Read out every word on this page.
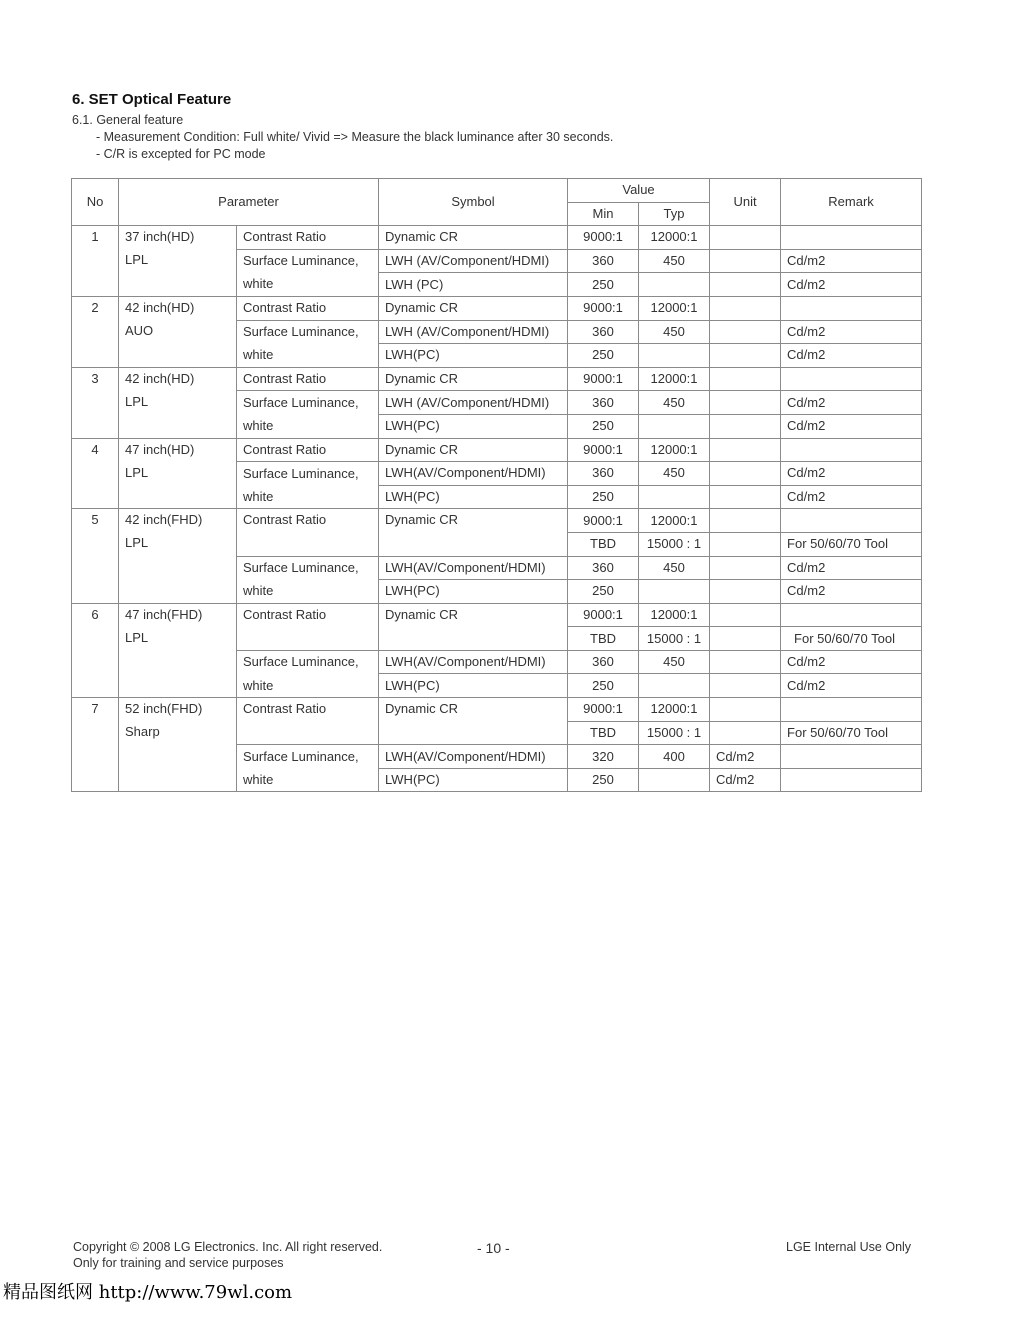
6. SET Optical Feature
6.1. General feature
- Measurement Condition: Full white/ Vivid => Measure the black luminance after 30 seconds.
- C/R is excepted for PC mode
No	Parameter		Symbol	Value		Unit	Remark
				Min	Typ		
1	37 inch(HD)	Contrast Ratio	Dynamic CR	9000:1	12000:1		
	LPL	Surface Luminance,	LWH (AV/Component/HDMI)	360	450		Cd/m2
		white	LWH (PC)	250			Cd/m2
2	42 inch(HD)	Contrast Ratio	Dynamic CR	9000:1	12000:1		
	AUO	Surface Luminance,	LWH (AV/Component/HDMI)	360	450		Cd/m2
		white	LWH(PC)	250			Cd/m2
3	42 inch(HD)	Contrast Ratio	Dynamic CR	9000:1	12000:1		
	LPL	Surface Luminance,	LWH (AV/Component/HDMI)	360	450		Cd/m2
		white	LWH(PC)	250			Cd/m2
4	47 inch(HD)	Contrast Ratio	Dynamic CR	9000:1	12000:1		
	LPL	Surface Luminance,	LWH(AV/Component/HDMI)	360	450		Cd/m2
		white	LWH(PC)	250			Cd/m2
5	42 inch(FHD)	Contrast Ratio	Dynamic CR	9000:1	12000:1		
	LPL			TBD	15000 : 1		For 50/60/70 Tool
		Surface Luminance,	LWH(AV/Component/HDMI)	360	450		Cd/m2
		white	LWH(PC)	250			Cd/m2
6	47 inch(FHD)	Contrast Ratio	Dynamic CR	9000:1	12000:1		
	LPL			TBD	15000 : 1		For 50/60/70 Tool
		Surface Luminance,	LWH(AV/Component/HDMI)	360	450		Cd/m2
		white	LWH(PC)	250			Cd/m2
7	52 inch(FHD)	Contrast Ratio	Dynamic CR	9000:1	12000:1		
	Sharp			TBD	15000 : 1		For 50/60/70 Tool
		Surface Luminance,	LWH(AV/Component/HDMI)	320	400	Cd/m2	
		white	LWH(PC)	250		Cd/m2	
Copyright © 2008 LG Electronics. Inc. All right reserved.
Only for training and service purposes
- 10 -	LGE Internal Use Only
精品图纸网 http://www.79wl.com
